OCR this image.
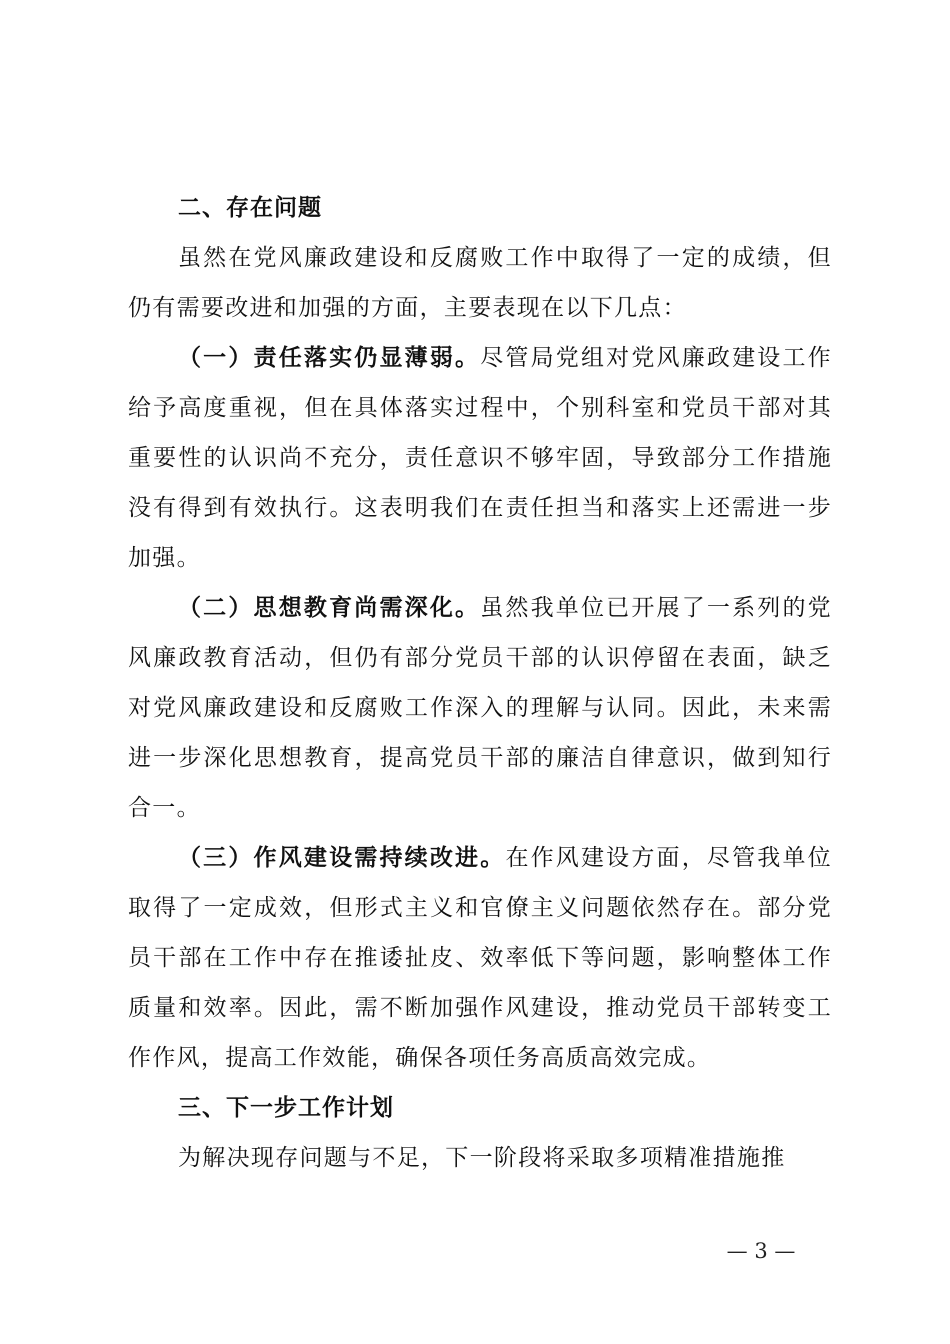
二、存在问题

虽然在党风廉政建设和反腐败工作中取得了一定的成绩，但仍有需要改进和加强的方面，主要表现在以下几点：

（一）责任落实仍显薄弱。尽管局党组对党风廉政建设工作给予高度重视，但在具体落实过程中，个别科室和党员干部对其重要性的认识尚不充分，责任意识不够牢固，导致部分工作措施没有得到有效执行。这表明我们在责任担当和落实上还需进一步加强。

（二）思想教育尚需深化。虽然我单位已开展了一系列的党风廉政教育活动，但仍有部分党员干部的认识停留在表面，缺乏对党风廉政建设和反腐败工作深入的理解与认同。因此，未来需进一步深化思想教育，提高党员干部的廉洁自律意识，做到知行合一。

（三）作风建设需持续改进。在作风建设方面，尽管我单位取得了一定成效，但形式主义和官僚主义问题依然存在。部分党员干部在工作中存在推诿扯皮、效率低下等问题，影响整体工作质量和效率。因此，需不断加强作风建设，推动党员干部转变工作作风，提高工作效能，确保各项任务高质高效完成。

三、下一步工作计划

为解决现存问题与不足，下一阶段将采取多项精准措施推

— 3 —
